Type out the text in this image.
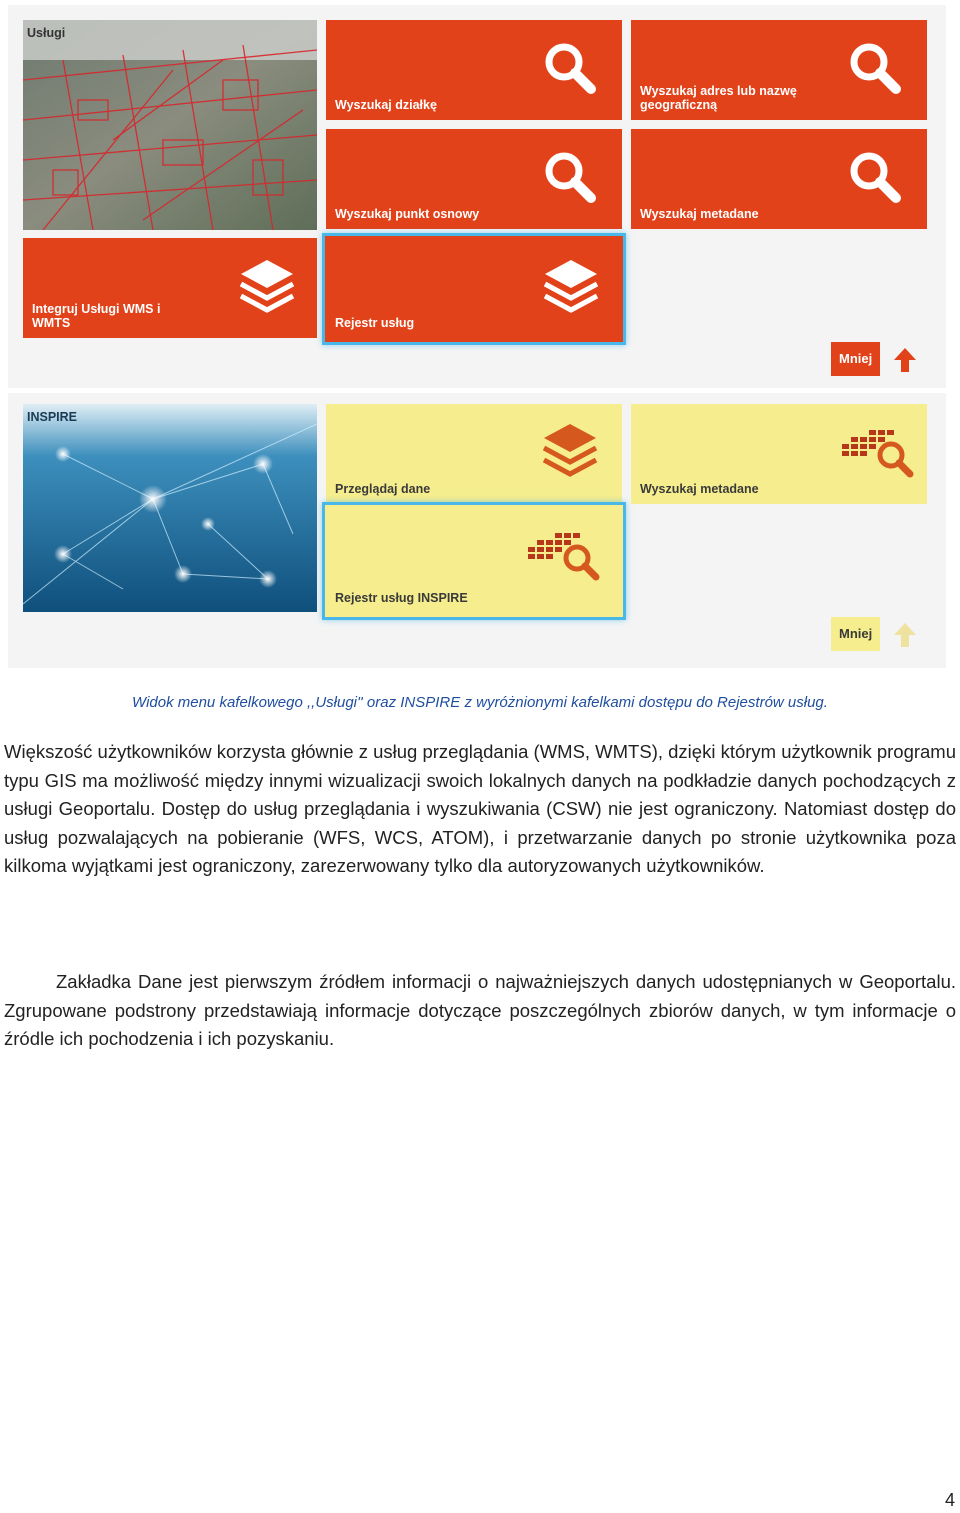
Usługi
Wyszukaj działkę
Wyszukaj adres lub nazwę geograficzną
Wyszukaj punkt osnowy	Wyszukaj metadane
Integruj Usługi WMS i WMTS	Rejestr usług
Mniej
INSPIRE
Przeglądaj dane	Wyszukaj metadane
Rejestr usług INSPIRE
Mniej
Widok menu kafelkowego ,,Usługi'' oraz INSPIRE z wyróżnionymi kafelkami dostępu do Rejestrów usług.
Większość użytkowników korzysta głównie z usług przeglądania (WMS, WMTS), dzięki którym użytkownik programu typu GIS ma możliwość między innymi wizualizacji swoich lokalnych danych na podkładzie danych pochodzących z usługi Geoportalu. Dostęp do usług przeglądania i wyszukiwania (CSW) nie jest ograniczony. Natomiast dostęp do usług pozwalających na pobieranie (WFS, WCS, ATOM), i przetwarzanie danych po stronie użytkownika poza kilkoma wyjątkami jest ograniczony, zarezerwowany tylko dla autoryzowanych użytkowników.
Zakładka Dane jest pierwszym źródłem informacji o najważniejszych danych udostępnianych w Geoportalu. Zgrupowane podstrony przedstawiają informacje dotyczące poszczególnych zbiorów danych, w tym informacje o źródle ich pochodzenia i ich pozyskaniu.
4
